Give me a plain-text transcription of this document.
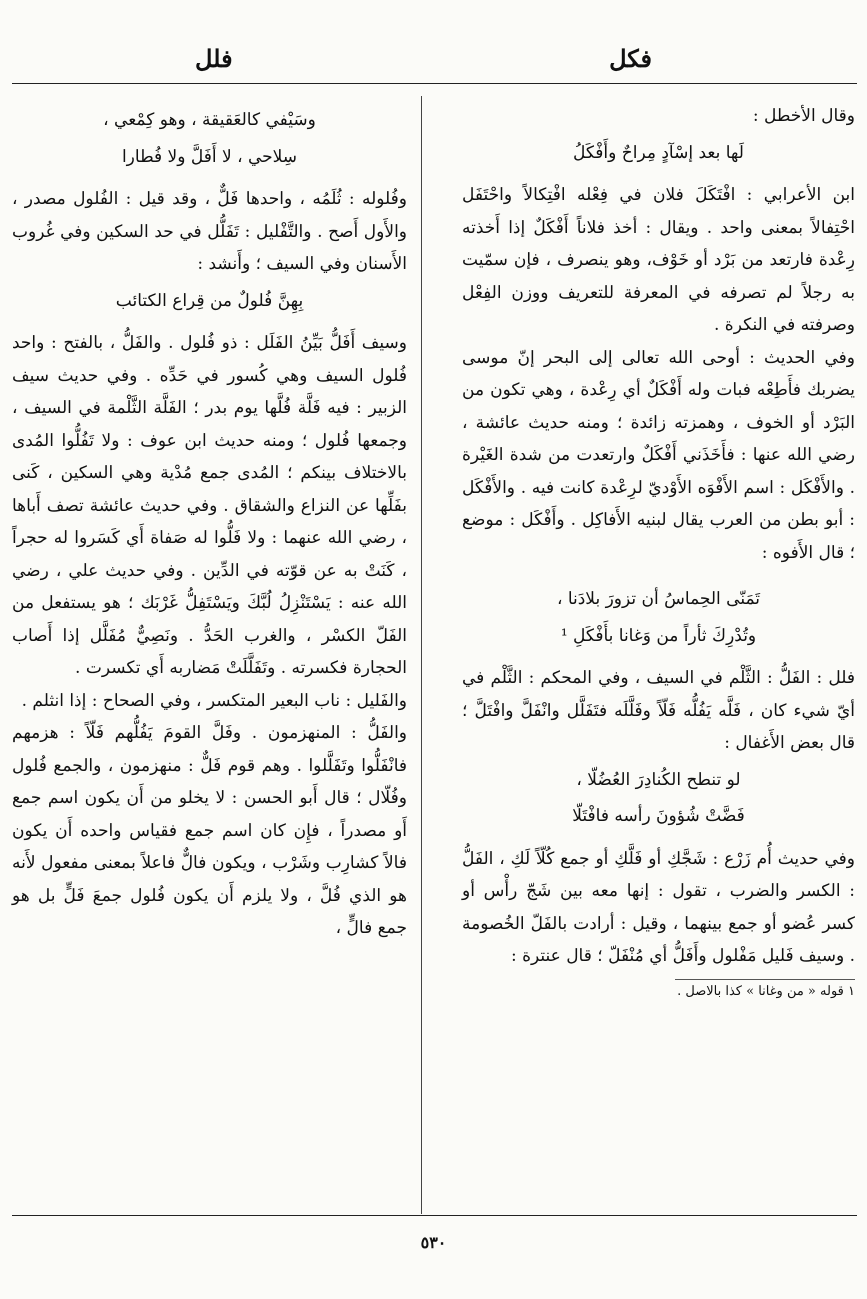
فكل
فلل

وقال الأخطل :

لَها بعد إسْآدٍ مِراحٌ وأَفْكَلُ

ابن الأعرابي : افْتَكَلَ فلان في فِعْله افْتِكالاً واحْتَفَل احْتِفالاً بمعنى واحد . ويقال : أخذ فلاناً أَفْكَلٌ إذا أَخذته رِعْدة فارتعد من بَرْد أو خَوْف، وهو ينصرف ، فإن سمّيت به رجلاً لم تصرفه في المعرفة للتعريف ووزن الفِعْل وصرفته في النكرة .

وفي الحديث : أوحى الله تعالى إلى البحر إنّ موسى يضربك فأَطِعْه فبات وله أَفْكَلٌ أي رِعْدة ، وهي تكون من البَرْد أو الخوف ، وهمزته زائدة ؛ ومنه حديث عائشة ، رضي الله عنها : فأَخَذَني أَفْكَلٌ وارتعدت من شدة الغَيْرة . والأَفْكَل : اسم الأَفْوَه الأَوْديّ لرِعْدة كانت فيه . والأَفْكَل : أبو بطن من العرب يقال لبنيه الأَفاكِل . وأَفْكَل : موضع ؛ قال الأَفوه :

تَمَنّى الحِماسُ أن تزورَ بلادَنا ،

وتُدْرِكَ ثأراً من وَغانا بأَفْكَلِ ¹

فلل : الفَلُّ : الثَّلْم في السيف ، وفي المحكم : الثَّلْم في أيّ شيء كان ، فَلَّه يَفُلُّه فَلّاً وفَلَّلَه فتَفَلَّل وانْفَلَّ وافْتَلَّ ؛ قال بعض الأَغفال :

لو تنطح الكُنادِرَ العُضُلّا ،

فَضَّتْ شُؤونَ رأسه فافْتَلّا

وفي حديث أُم زَرْع : شَجَّكِ أو فَلَّكِ أو جمع كُلّاً لَكِ ، الفَلُّ : الكسر والضرب ، تقول : إنها معه بين شَجّ رأْس أو كسر عُضو أو جمع بينهما ، وقيل : أرادت بالفَلّ الخُصومة . وسيف فَليل مَفْلول وأَفَلُّ أي مُنْفَلّ ؛ قال عنترة :

١ قوله « من وغانا » كذا بالاصل .

وسَيْفي كالعَقيقة ، وهو كِمْعي ،

سِلاحي ، لا أَفَلَّ ولا فُطارا

وفُلوله : ثُلَمُه ، واحدها فَلٌّ ، وقد قيل : الفُلول مصدر ، والأَول أَصح . والتَّفْليل : تَفَلُّل في حد السكين وفي غُروب الأَسنان وفي السيف ؛ وأَنشد :

بِهِنَّ فُلولٌ من قِراع الكتائب

وسيف أَفَلُّ بَيِّنُ الفَلَل : ذو فُلول . والفَلُّ ، بالفتح : واحد فُلول السيف وهي كُسور في حَدِّه . وفي حديث سيف الزبير : فيه فَلَّة فُلَّها يوم بدر ؛ الفَلَّة الثَّلْمة في السيف ، وجمعها فُلول ؛ ومنه حديث ابن عوف : ولا تَفُلُّوا المُدى بالاختلاف بينكم ؛ المُدى جمع مُدْية وهي السكين ، كَنى بفَلِّها عن النزاع والشقاق . وفي حديث عائشة تصف أَباها ، رضي الله عنهما : ولا فَلُّوا له صَفاة أَي كَسَروا له حجراً ، كَنَتْ به عن قوّته في الدِّين . وفي حديث علي ، رضي الله عنه : يَسْتَنْزِلُ لُبَّكَ ويَسْتَفِلُّ غَرْبَك ؛ هو يستفعل من الفَلّ الكسْر ، والغرب الحَدُّ . ونَصِيٌّ مُفَلَّل إذا أَصاب الحجارة فكسرته . وتَفَلَّلَتْ مَضاربه أَي تكسرت .

والفَليل : ناب البعير المتكسر ، وفي الصحاح : إذا انثلم .

والفَلُّ : المنهزمون . وفَلَّ القومَ يَفُلُّهم فَلّاً : هزمهم فانْفَلُّوا وتَفَلَّلوا . وهم قوم فَلٌّ : منهزمون ، والجمع فُلول وفُلّال ؛ قال أَبو الحسن : لا يخلو من أَن يكون اسم جمع أَو مصدراً ، فإِن كان اسم جمع فقياس واحده أَن يكون فالاً كشارِب وشَرْب ، ويكون فالٌّ فاعلاً بمعنى مفعول لأَنه هو الذي فُلَّ ، ولا يلزم أَن يكون فُلول جمعَ فَلٍّ بل هو جمع فالٍّ ،

٥٣٠
